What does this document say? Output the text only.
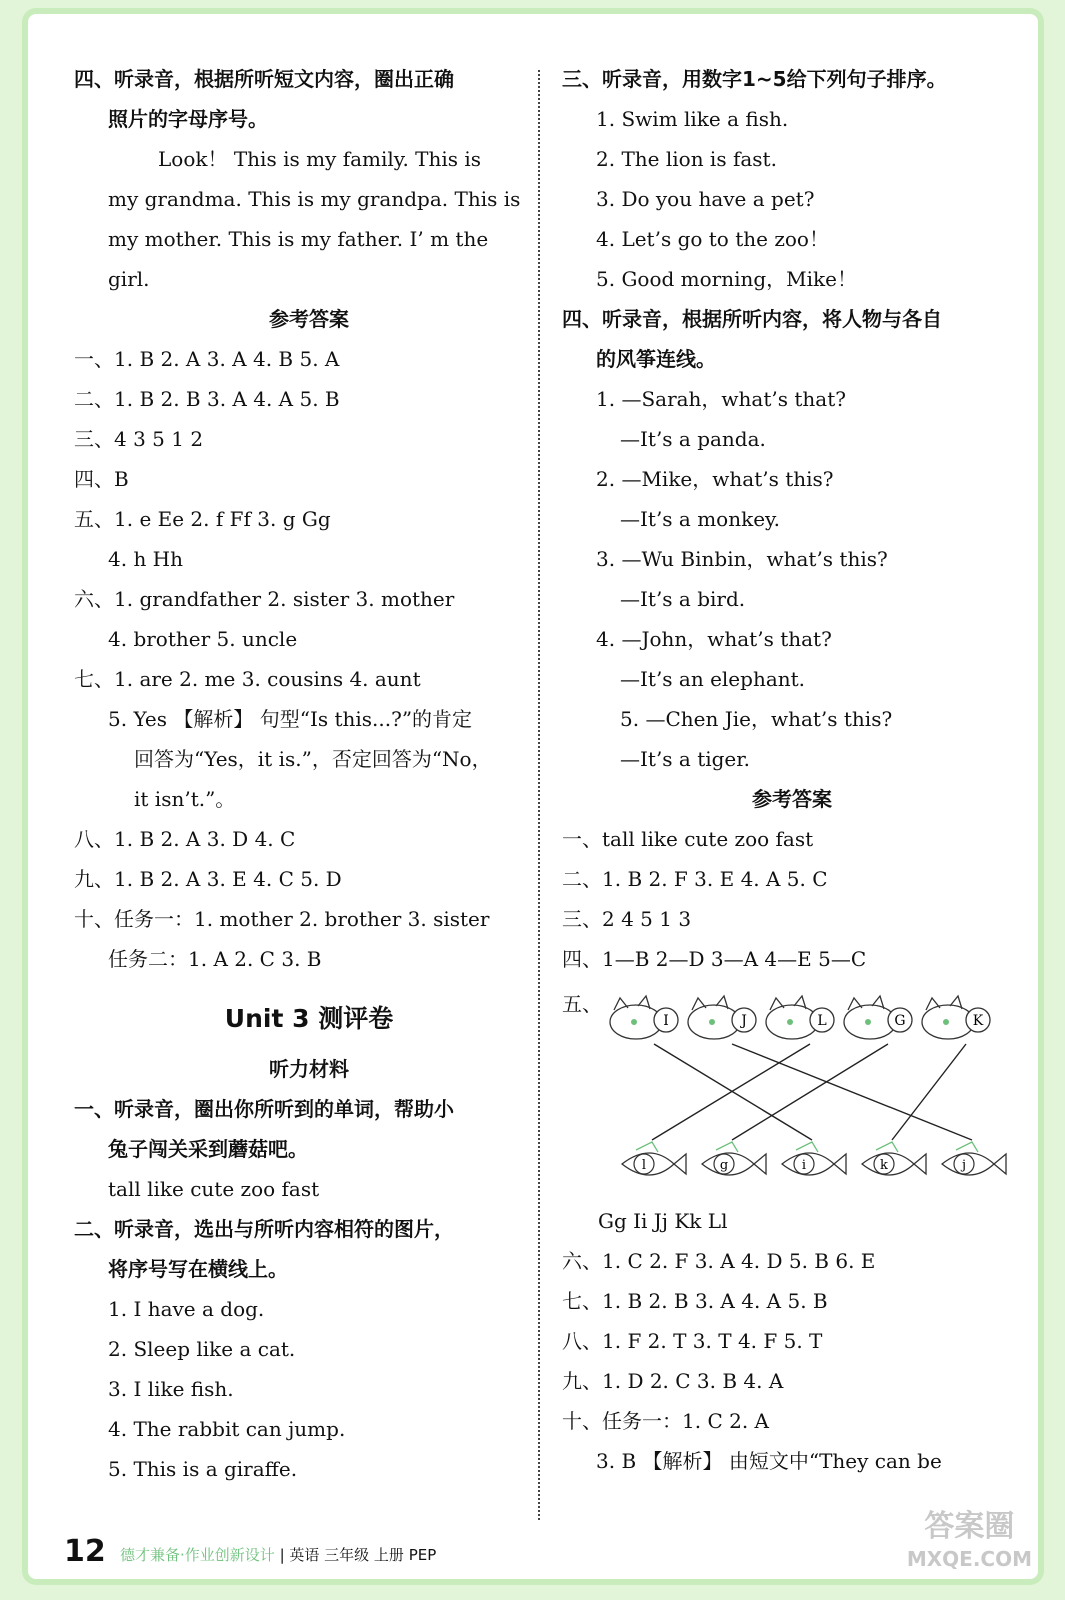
四、听录音，根据所听短文内容，圈出正确
照片的字母序号。
Look！ This is my family. This is
my grandma. This is my grandpa. This is
my mother. This is my father. I’ m the
girl.
参考答案
一、1. B 2. A 3. A 4. B 5. A
二、1. B 2. B 3. A 4. A 5. B
三、4 3 5 1 2
四、B
五、1. e Ee 2. f Ff 3. g Gg
4. h Hh
六、1. grandfather 2. sister 3. mother
4. brother 5. uncle
七、1. are 2. me 3. cousins 4. aunt
5. Yes 【解析】 句型“Is this...?”的肯定
回答为“Yes，it is.”，否定回答为“No，
it isn’t.”。
八、1. B 2. A 3. D 4. C
九、1. B 2. A 3. E 4. C 5. D
十、任务一：1. mother 2. brother 3. sister
任务二：1. A 2. C 3. B
Unit 3 测评卷
听力材料
一、听录音，圈出你所听到的单词，帮助小
兔子闯关采到蘑菇吧。
tall like cute zoo fast
二、听录音，选出与所听内容相符的图片，
将序号写在横线上。
1. I have a dog.
2. Sleep like a cat.
3. I like fish.
4. The rabbit can jump.
5. This is a giraffe.
I	J	L	G	K
l	g	i	k	j
三、听录音，用数字1~5给下列句子排序。
1. Swim like a fish.
2. The lion is fast.
3. Do you have a pet?
4. Let’s go to the zoo！
5. Good morning，Mike！
四、听录音，根据所听内容，将人物与各自
的风筝连线。
1. —Sarah，what’s that?
—It’s a panda.
2. —Mike，what’s this?
—It’s a monkey.
3. —Wu Binbin，what’s this?
—It’s a bird.
4. —John，what’s that?
—It’s an elephant.
5. —Chen Jie，what’s this?
—It’s a tiger.
参考答案
一、tall like cute zoo fast
二、1. B 2. F 3. E 4. A 5. C
三、2 4 5 1 3
四、1—B 2—D 3—A 4—E 5—C
五、
Gg Ii Jj Kk Ll
六、1. C 2. F 3. A 4. D 5. B 6. E
七、1. B 2. B 3. A 4. A 5. B
八、1. F 2. T 3. T 4. F 5. T
九、1. D 2. C 3. B 4. A
十、任务一：1. C 2. A
3. B 【解析】 由短文中“They can be
12 德才兼备·作业创新设计 | 英语 三年级 上册 PEP
答案圈
MXQE.COM
